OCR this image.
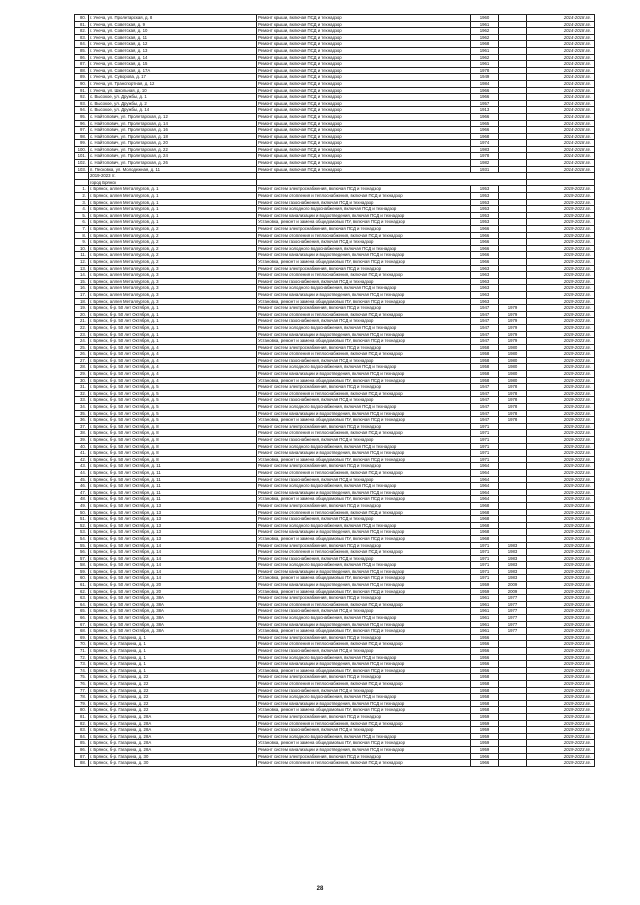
80.	г. Унеча, ул. Пролетарская, д. 8	Ремонт крыши, включая ПСД и технадзор	1960		2014-2018 гг.
81.	г. Унеча, ул. Советская, д. 9	Ремонт крыши, включая ПСД и технадзор	1961		2014-2018 гг.
82.	г. Унеча, ул. Советская, д. 10	Ремонт крыши, включая ПСД и технадзор	1962		2014-2018 гг.
83.	г. Унеча, ул. Советская, д. 11	Ремонт крыши, включая ПСД и технадзор	1962		2014-2018 гг.
84.	г. Унеча, ул. Советская, д. 12	Ремонт крыши, включая ПСД и технадзор	1968		2014-2018 гг.
85.	г. Унеча, ул. Советская, д. 13	Ремонт крыши, включая ПСД и технадзор	1961		2014-2018 гг.
86.	г. Унеча, ул. Советская, д. 14	Ремонт крыши, включая ПСД и технадзор	1962		2014-2018 гг.
87.	г. Унеча, ул. Советская, д. 15	Ремонт крыши, включая ПСД и технадзор	1961		2014-2018 гг.
88.	г. Унеча, ул. Советская, д. 17А	Ремонт крыши, включая ПСД и технадзор	1978		2014-2018 гг.
89.	г. Унеча, ул. Суворова, д. 17	Ремонт крыши, включая ПСД и технадзор	1949		2014-2018 гг.
90.	г. Унеча, ул. Транспортная, д. 12	Ремонт крыши, включая ПСД и технадзор	1984		2014-2018 гг.
91.	г. Унеча, ул. Школьная, д. 10	Ремонт крыши, включая ПСД и технадзор	1966		2014-2018 гг.
92.	с. Высокое, ул. Дружбы, д. 1	Ремонт крыши, включая ПСД и технадзор	1966		2014-2018 гг.
93.	с. Высокое, ул. Дружбы, д. 2	Ремонт крыши, включая ПСД и технадзор	1957		2014-2018 гг.
94.	с. Высокое, ул. Дружбы, д. 14	Ремонт крыши, включая ПСД и технадзор	1913		2014-2018 гг.
95.	с. Найтопович, ул. Пролетарская, д. 12	Ремонт крыши, включая ПСД и технадзор	1966		2014-2018 гг.
96.	с. Найтопович, ул. Пролетарская, д. 14	Ремонт крыши, включая ПСД и технадзор	1965		2014-2018 гг.
97.	с. Найтопович, ул. Пролетарская, д. 16	Ремонт крыши, включая ПСД и технадзор	1966		2014-2018 гг.
98.	с. Найтопович, ул. Пролетарская, д. 18	Ремонт крыши, включая ПСД и технадзор	1968		2014-2018 гг.
99.	с. Найтопович, ул. Пролетарская, д. 20	Ремонт крыши, включая ПСД и технадзор	1974		2014-2018 гг.
100.	с. Найтопович, ул. Пролетарская, д. 22	Ремонт крыши, включая ПСД и технадзор	1983		2014-2018 гг.
101.	с. Найтопович, ул. Пролетарская, д. 24	Ремонт крыши, включая ПСД и технадзор	1978		2014-2018 гг.
102.	с. Найтопович, ул. Пролетарская, д. 26	Ремонт крыши, включая ПСД и технадзор	1982		2014-2018 гг.
103.	п. Песковка, ул. Молодежная, д. 11	Ремонт крыши, включая ПСД и технадзор	1931		2014-2018 гг.
	2019-2023 гг.				
	город Брянск				
1.	г. Брянск, аллея Металлургов, д. 1	Ремонт систем электроснабжения, включая ПСД и технадзор	1953		2019-2023 гг.
2.	г. Брянск, аллея Металлургов, д. 1	Ремонт систем отопления и теплоснабжения, включая ПСД и технадзор	1953		2019-2023 гг.
3.	г. Брянск, аллея Металлургов, д. 1	Ремонт систем газоснабжения, включая ПСД и технадзор	1953		2019-2023 гг.
4.	г. Брянск, аллея Металлургов, д. 1	Ремонт систем холодного водоснабжения, включая ПСД и технадзор	1953		2019-2023 гг.
5.	г. Брянск, аллея Металлургов, д. 1	Ремонт систем канализации и водоотведения, включая ПСД и технадзор	1953		2019-2023 гг.
6.	г. Брянск, аллея Металлургов, д. 1	Установка, ремонт и замена общедомовых ПУ, включая ПСД и технадзор	1953		2019-2023 гг.
7.	г. Брянск, аллея Металлургов, д. 2	Ремонт систем электроснабжения, включая ПСД и технадзор	1966		2019-2023 гг.
8.	г. Брянск, аллея Металлургов, д. 2	Ремонт систем отопления и теплоснабжения, включая ПСД и технадзор	1966		2019-2023 гг.
9.	г. Брянск, аллея Металлургов, д. 2	Ремонт систем газоснабжения, включая ПСД и технадзор	1966		2019-2023 гг.
10.	г. Брянск, аллея Металлургов, д. 2	Ремонт систем холодного водоснабжения, включая ПСД и технадзор	1966		2019-2023 гг.
11.	г. Брянск, аллея Металлургов, д. 2	Ремонт систем канализации и водоотведения, включая ПСД и технадзор	1966		2019-2023 гг.
12.	г. Брянск, аллея Металлургов, д. 2	Установка, ремонт и замена общедомовых ПУ, включая ПСД и технадзор	1966		2019-2023 гг.
13.	г. Брянск, аллея Металлургов, д. 3	Ремонт систем электроснабжения, включая ПСД и технадзор	1963		2019-2023 гг.
14.	г. Брянск, аллея Металлургов, д. 3	Ремонт систем отопления и теплоснабжения, включая ПСД и технадзор	1963		2019-2023 гг.
15.	г. Брянск, аллея Металлургов, д. 3	Ремонт систем газоснабжения, включая ПСД и технадзор	1963		2019-2023 гг.
16.	г. Брянск, аллея Металлургов, д. 3	Ремонт систем холодного водоснабжения, включая ПСД и технадзор	1963		2019-2023 гг.
17.	г. Брянск, аллея Металлургов, д. 3	Ремонт систем канализации и водоотведения, включая ПСД и технадзор	1963		2019-2023 гг.
18.	г. Брянск, аллея Металлургов, д. 3	Установка, ремонт и замена общедомовых ПУ, включая ПСД и технадзор	1963		2019-2023 гг.
19.	г. Брянск, б-р. 50 лет Октября, д. 1	Ремонт систем электроснабжения, включая ПСД и технадзор	1947	1979	2019-2023 гг.
20.	г. Брянск, б-р. 50 лет Октября, д. 1	Ремонт систем отопления и теплоснабжения, включая ПСД и технадзор	1947	1979	2019-2023 гг.
21.	г. Брянск, б-р. 50 лет Октября, д. 1	Ремонт систем газоснабжения, включая ПСД и технадзор	1947	1979	2019-2023 гг.
22.	г. Брянск, б-р. 50 лет Октября, д. 1	Ремонт систем холодного водоснабжения, включая ПСД и технадзор	1947	1979	2019-2023 гг.
23.	г. Брянск, б-р. 50 лет Октября, д. 1	Ремонт систем канализации и водоотведения, включая ПСД и технадзор	1947	1979	2019-2023 гг.
24.	г. Брянск, б-р. 50 лет Октября, д. 1	Установка, ремонт и замена общедомовых ПУ, включая ПСД и технадзор	1947	1979	2019-2023 гг.
25.	г. Брянск, б-р. 50 лет Октября, д. 4	Ремонт систем электроснабжения, включая ПСД и технадзор	1958	1980	2019-2023 гг.
26.	г. Брянск, б-р. 50 лет Октября, д. 4	Ремонт систем отопления и теплоснабжения, включая ПСД и технадзор	1958	1980	2019-2023 гг.
27.	г. Брянск, б-р. 50 лет Октября, д. 4	Ремонт систем газоснабжения, включая ПСД и технадзор	1958	1980	2019-2023 гг.
28.	г. Брянск, б-р. 50 лет Октября, д. 4	Ремонт систем холодного водоснабжения, включая ПСД и технадзор	1958	1980	2019-2023 гг.
29.	г. Брянск, б-р. 50 лет Октября, д. 4	Ремонт систем канализации и водоотведения, включая ПСД и технадзор	1958	1980	2019-2023 гг.
30.	г. Брянск, б-р. 50 лет Октября, д. 4	Установка, ремонт и замена общедомовых ПУ, включая ПСД и технадзор	1958	1980	2019-2023 гг.
31.	г. Брянск, б-р. 50 лет Октября, д. 5	Ремонт систем электроснабжения, включая ПСД и технадзор	1947	1978	2019-2023 гг.
32.	г. Брянск, б-р. 50 лет Октября, д. 5	Ремонт систем отопления и теплоснабжения, включая ПСД и технадзор	1947	1978	2019-2023 гг.
33.	г. Брянск, б-р. 50 лет Октября, д. 5	Ремонт систем газоснабжения, включая ПСД и технадзор	1947	1978	2019-2023 гг.
34.	г. Брянск, б-р. 50 лет Октября, д. 5	Ремонт систем холодного водоснабжения, включая ПСД и технадзор	1947	1978	2019-2023 гг.
35.	г. Брянск, б-р. 50 лет Октября, д. 5	Ремонт систем канализации и водоотведения, включая ПСД и технадзор	1947	1978	2019-2023 гг.
36.	г. Брянск, б-р. 50 лет Октября, д. 5	Установка, ремонт и замена общедомовых ПУ, включая ПСД и технадзор	1947	1978	2019-2023 гг.
37.	г. Брянск, б-р. 50 лет Октября, д. 8	Ремонт систем электроснабжения, включая ПСД и технадзор	1971		2019-2023 гг.
38.	г. Брянск, б-р. 50 лет Октября, д. 8	Ремонт систем отопления и теплоснабжения, включая ПСД и технадзор	1971		2019-2023 гг.
39.	г. Брянск, б-р. 50 лет Октября, д. 8	Ремонт систем газоснабжения, включая ПСД и технадзор	1971		2019-2023 гг.
40.	г. Брянск, б-р. 50 лет Октября, д. 8	Ремонт систем холодного водоснабжения, включая ПСД и технадзор	1971		2019-2023 гг.
41.	г. Брянск, б-р. 50 лет Октября, д. 8	Ремонт систем канализации и водоотведения, включая ПСД и технадзор	1971		2019-2023 гг.
42.	г. Брянск, б-р. 50 лет Октября, д. 8	Установка, ремонт и замена общедомовых ПУ, включая ПСД и технадзор	1971		2019-2023 гг.
43.	г. Брянск, б-р. 50 лет Октября, д. 11	Ремонт систем электроснабжения, включая ПСД и технадзор	1964		2019-2023 гг.
44.	г. Брянск, б-р. 50 лет Октября, д. 11	Ремонт систем отопления и теплоснабжения, включая ПСД и технадзор	1964		2019-2023 гг.
45.	г. Брянск, б-р. 50 лет Октября, д. 11	Ремонт систем газоснабжения, включая ПСД и технадзор	1964		2019-2023 гг.
46.	г. Брянск, б-р. 50 лет Октября, д. 11	Ремонт систем холодного водоснабжения, включая ПСД и технадзор	1964		2019-2023 гг.
47.	г. Брянск, б-р. 50 лет Октября, д. 11	Ремонт систем канализации и водоотведения, включая ПСД и технадзор	1964		2019-2023 гг.
48.	г. Брянск, б-р. 50 лет Октября, д. 11	Установка, ремонт и замена общедомовых ПУ, включая ПСД и технадзор	1964		2019-2023 гг.
49.	г. Брянск, б-р. 50 лет Октября, д. 13	Ремонт систем электроснабжения, включая ПСД и технадзор	1968		2019-2023 гг.
50.	г. Брянск, б-р. 50 лет Октября, д. 13	Ремонт систем отопления и теплоснабжения, включая ПСД и технадзор	1968		2019-2023 гг.
51.	г. Брянск, б-р. 50 лет Октября, д. 13	Ремонт систем газоснабжения, включая ПСД и технадзор	1968		2019-2023 гг.
52.	г. Брянск, б-р. 50 лет Октября, д. 13	Ремонт систем холодного водоснабжения, включая ПСД и технадзор	1968		2019-2023 гг.
53.	г. Брянск, б-р. 50 лет Октября, д. 13	Ремонт систем канализации и водоотведения, включая ПСД и технадзор	1968		2019-2023 гг.
54.	г. Брянск, б-р. 50 лет Октября, д. 13	Установка, ремонт и замена общедомовых ПУ, включая ПСД и технадзор	1968		2019-2023 гг.
55.	г. Брянск, б-р. 50 лет Октября, д. 14	Ремонт систем электроснабжения, включая ПСД и технадзор	1971	1983	2019-2023 гг.
56.	г. Брянск, б-р. 50 лет Октября, д. 14	Ремонт систем отопления и теплоснабжения, включая ПСД и технадзор	1971	1983	2019-2023 гг.
57.	г. Брянск, б-р. 50 лет Октября, д. 14	Ремонт систем газоснабжения, включая ПСД и технадзор	1971	1983	2019-2023 гг.
58.	г. Брянск, б-р. 50 лет Октября, д. 14	Ремонт систем холодного водоснабжения, включая ПСД и технадзор	1971	1983	2019-2023 гг.
59.	г. Брянск, б-р. 50 лет Октября, д. 14	Ремонт систем канализации и водоотведения, включая ПСД и технадзор	1971	1983	2019-2023 гг.
60.	г. Брянск, б-р. 50 лет Октября, д. 14	Установка, ремонт и замена общедомовых ПУ, включая ПСД и технадзор	1971	1983	2019-2023 гг.
61.	г. Брянск, б-р. 50 лет Октября, д. 20	Ремонт систем канализации и водоотведения, включая ПСД и технадзор	1959	2009	2019-2023 гг.
62.	г. Брянск, б-р. 50 лет Октября, д. 20	Установка, ремонт и замена общедомовых ПУ, включая ПСД и технадзор	1959	2009	2019-2023 гг.
63.	г. Брянск, б-р. 50 лет Октября, д. 38А	Ремонт систем электроснабжения, включая ПСД и технадзор	1961	1977	2019-2023 гг.
64.	г. Брянск, б-р. 50 лет Октября, д. 38А	Ремонт систем отопления и теплоснабжения, включая ПСД и технадзор	1961	1977	2019-2023 гг.
65.	г. Брянск, б-р. 50 лет Октября, д. 38А	Ремонт систем газоснабжения, включая ПСД и технадзор	1961	1977	2019-2023 гг.
66.	г. Брянск, б-р. 50 лет Октября, д. 38А	Ремонт систем холодного водоснабжения, включая ПСД и технадзор	1961	1977	2019-2023 гг.
67.	г. Брянск, б-р. 50 лет Октября, д. 38А	Ремонт систем канализации и водоотведения, включая ПСД и технадзор	1961	1977	2019-2023 гг.
68.	г. Брянск, б-р. 50 лет Октября, д. 38А	Установка, ремонт и замена общедомовых ПУ, включая ПСД и технадзор	1961	1977	2019-2023 гг.
69.	г. Брянск, б-р. Гагарина, д. 1	Ремонт систем электроснабжения, включая ПСД и технадзор	1956		2019-2023 гг.
70.	г. Брянск, б-р. Гагарина, д. 1	Ремонт систем отопления и теплоснабжения, включая ПСД и технадзор	1956		2019-2023 гг.
71.	г. Брянск, б-р. Гагарина, д. 1	Ремонт систем газоснабжения, включая ПСД и технадзор	1956		2019-2023 гг.
72.	г. Брянск, б-р. Гагарина, д. 1	Ремонт систем холодного водоснабжения, включая ПСД и технадзор	1956		2019-2023 гг.
73.	г. Брянск, б-р. Гагарина, д. 1	Ремонт систем канализации и водоотведения, включая ПСД и технадзор	1956		2019-2023 гг.
74.	г. Брянск, б-р. Гагарина, д. 1	Установка, ремонт и замена общедомовых ПУ, включая ПСД и технадзор	1956		2019-2023 гг.
75.	г. Брянск, б-р. Гагарина, д. 22	Ремонт систем электроснабжения, включая ПСД и технадзор	1958		2019-2023 гг.
76.	г. Брянск, б-р. Гагарина, д. 22	Ремонт систем отопления и теплоснабжения, включая ПСД и технадзор	1958		2019-2023 гг.
77.	г. Брянск, б-р. Гагарина, д. 22	Ремонт систем газоснабжения, включая ПСД и технадзор	1958		2019-2023 гг.
78.	г. Брянск, б-р. Гагарина, д. 22	Ремонт систем холодного водоснабжения, включая ПСД и технадзор	1958		2019-2023 гг.
79.	г. Брянск, б-р. Гагарина, д. 22	Ремонт систем канализации и водоотведения, включая ПСД и технадзор	1958		2019-2023 гг.
80.	г. Брянск, б-р. Гагарина, д. 22	Установка, ремонт и замена общедомовых ПУ, включая ПСД и технадзор	1958		2019-2023 гг.
81.	г. Брянск, б-р. Гагарина, д. 28А	Ремонт систем электроснабжения, включая ПСД и технадзор	1959		2019-2023 гг.
82.	г. Брянск, б-р. Гагарина, д. 28А	Ремонт систем отопления и теплоснабжения, включая ПСД и технадзор	1959		2019-2023 гг.
83.	г. Брянск, б-р. Гагарина, д. 28А	Ремонт систем газоснабжения, включая ПСД и технадзор	1959		2019-2023 гг.
84.	г. Брянск, б-р. Гагарина, д. 28А	Ремонт систем холодного водоснабжения, включая ПСД и технадзор	1959		2019-2023 гг.
85.	г. Брянск, б-р. Гагарина, д. 28А	Установка, ремонт и замена общедомовых ПУ, включая ПСД и технадзор	1959		2019-2023 гг.
86.	г. Брянск, б-р. Гагарина, д. 28А	Ремонт систем канализации и водоотведения, включая ПСД и технадзор	1959		2019-2023 гг.
87.	г. Брянск, б-р. Гагарина, д. 30	Ремонт систем электроснабжения, включая ПСД и технадзор	1966		2019-2023 гг.
88.	г. Брянск, б-р. Гагарина, д. 30	Ремонт систем отопления и теплоснабжения, включая ПСД и технадзор	1966		2019-2023 гг.
28
